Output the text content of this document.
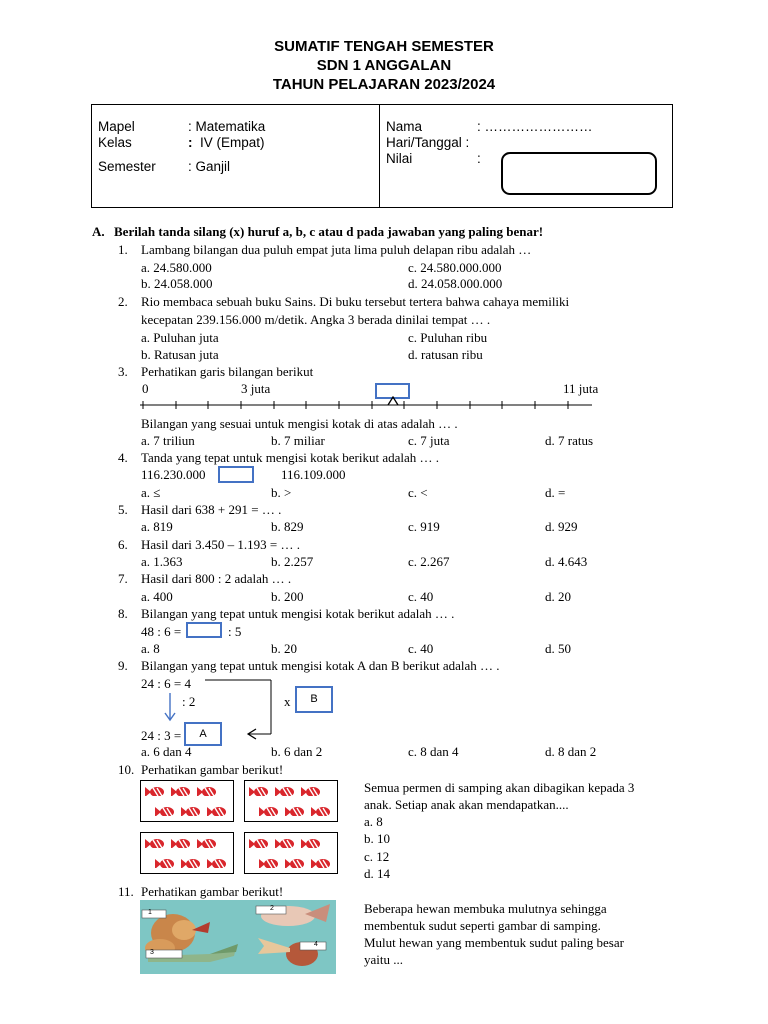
SUMATIF TENGAH SEMESTER
SDN 1 ANGGALAN
TAHUN PELAJARAN 2023/2024
Mapel	: Matematika
Kelas	: IV (Empat)
Semester : Ganjil
Nama	: ……………………
Hari/Tanggal :
Nilai	:
A. Berilah tanda silang (x) huruf a, b, c atau d pada jawaban yang paling benar!
1. Lambang bilangan dua puluh empat juta lima puluh delapan ribu adalah …
a. 24.580.000	c. 24.580.000.000
b. 24.058.000	d. 24.058.000.000
2. Rio membaca sebuah buku Sains. Di buku tersebut tertera bahwa cahaya memiliki
kecepatan 239.156.000 m/detik. Angka 3 berada dinilai tempat … .
a. Puluhan juta	c. Puluhan ribu
b. Ratusan juta	d. ratusan ribu
3. Perhatikan garis bilangan berikut
0	3 juta	11 juta
Bilangan yang sesuai untuk mengisi kotak di atas adalah … .
a. 7 triliun	b. 7 miliar	c. 7 juta	d. 7 ratus
4. Tanda yang tepat untuk mengisi kotak berikut adalah … .
116.230.000	116.109.000
a. ≤	b. >	c. <	d. =
5. Hasil dari 638 + 291 = … .
a. 819	b. 829	c. 919	d. 929
6. Hasil dari 3.450 – 1.193 = … .
a. 1.363	b. 2.257	c. 2.267	d. 4.643
7. Hasil dari 800 : 2 adalah … .
a. 400	b. 200	c. 40	d. 20
8. Bilangan yang tepat untuk mengisi kotak berikut adalah … .
48 : 6 =	: 5
a. 8	b. 20	c. 40	d. 50
9. Bilangan yang tepat untuk mengisi kotak A dan B berikut adalah … .
24 : 6 = 4
: 2	x	B
24 : 3 =	A
a. 6 dan 4	b. 6 dan 2	c. 8 dan 4	d. 8 dan 2
10. Perhatikan gambar berikut!
Semua permen di samping akan dibagikan kepada 3
anak. Setiap anak akan mendapatkan....
a. 8
b. 10
c. 12
d. 14
11. Perhatikan gambar berikut!
1
2
3
4
Beberapa hewan membuka mulutnya sehingga
membentuk sudut seperti gambar di samping.
Mulut hewan yang membentuk sudut paling besar
yaitu ...
